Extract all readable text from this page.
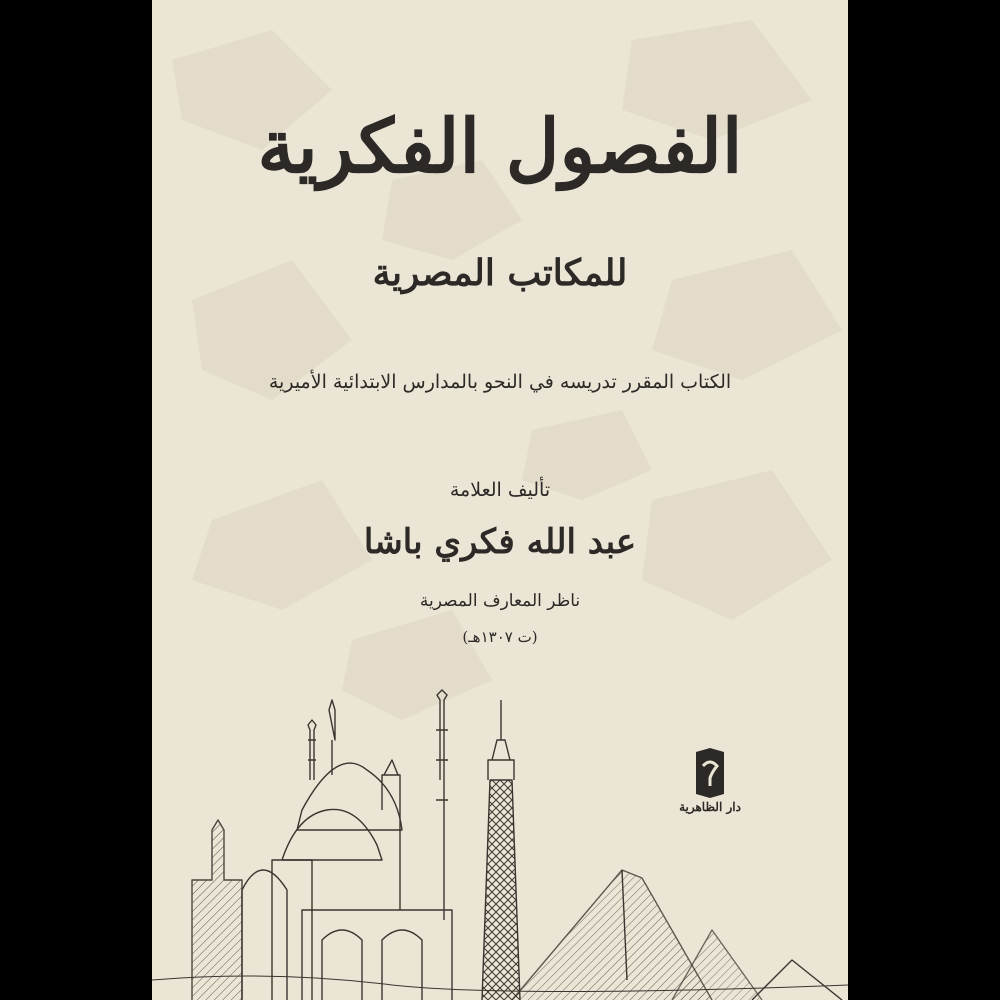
الفصول الفكرية
للمكاتب المصرية
الكتاب المقرر تدريسه في النحو بالمدارس الابتدائية الأميرية
تأليف العلامة
عبد الله فكري باشا
ناظر المعارف المصرية
(ت ١٣٠٧هـ)
دار الظاهرية
